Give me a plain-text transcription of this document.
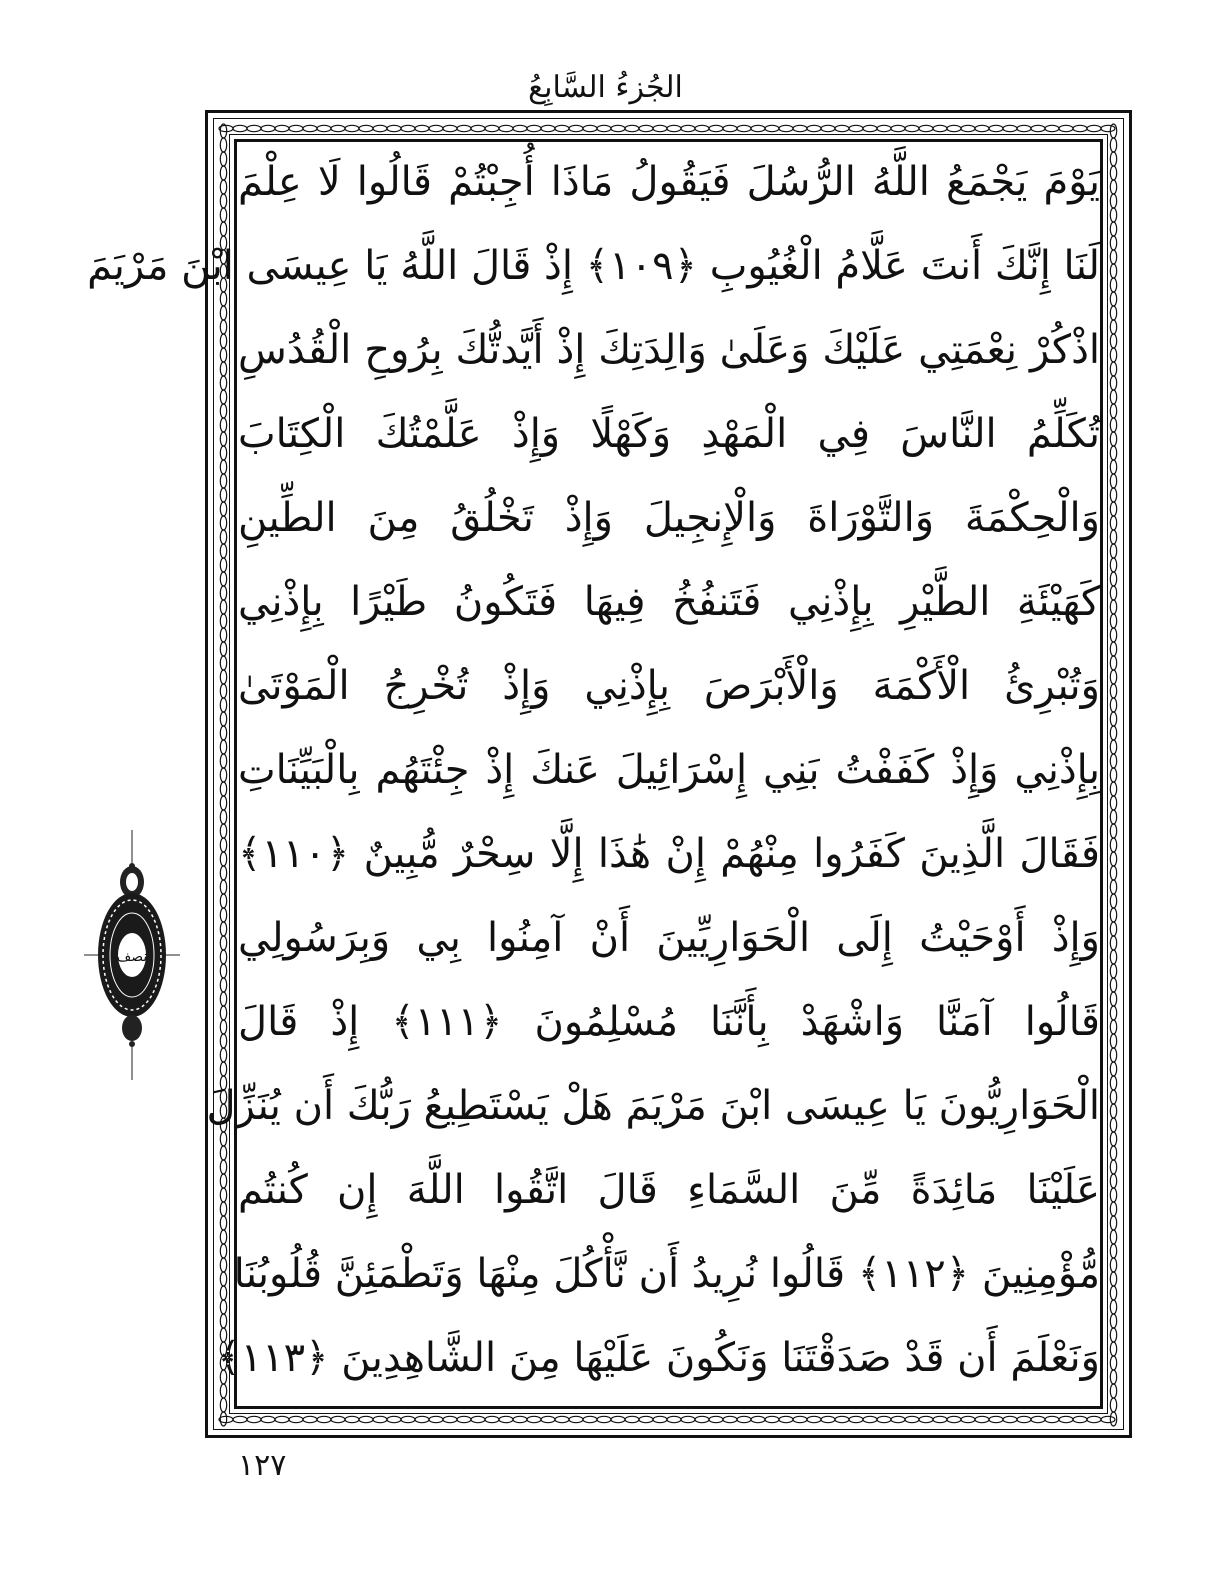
الجُزءُ السَّابِعُ
يَوْمَ يَجْمَعُ اللَّهُ الرُّسُلَ فَيَقُولُ مَاذَا أُجِبْتُمْ قَالُوا لَا عِلْمَ
لَنَا إِنَّكَ أَنتَ عَلَّامُ الْغُيُوبِ ﴿١٠٩﴾ إِذْ قَالَ اللَّهُ يَا عِيسَى ابْنَ مَرْيَمَ
اذْكُرْ نِعْمَتِي عَلَيْكَ وَعَلَىٰ وَالِدَتِكَ إِذْ أَيَّدتُّكَ بِرُوحِ الْقُدُسِ
تُكَلِّمُ النَّاسَ فِي الْمَهْدِ وَكَهْلًا وَإِذْ عَلَّمْتُكَ الْكِتَابَ
وَالْحِكْمَةَ وَالتَّوْرَاةَ وَالْإِنجِيلَ وَإِذْ تَخْلُقُ مِنَ الطِّينِ
كَهَيْئَةِ الطَّيْرِ بِإِذْنِي فَتَنفُخُ فِيهَا فَتَكُونُ طَيْرًا بِإِذْنِي
وَتُبْرِئُ الْأَكْمَهَ وَالْأَبْرَصَ بِإِذْنِي وَإِذْ تُخْرِجُ الْمَوْتَىٰ
بِإِذْنِي وَإِذْ كَفَفْتُ بَنِي إِسْرَائِيلَ عَنكَ إِذْ جِئْتَهُم بِالْبَيِّنَاتِ
فَقَالَ الَّذِينَ كَفَرُوا مِنْهُمْ إِنْ هَٰذَا إِلَّا سِحْرٌ مُّبِينٌ ﴿١١٠﴾
وَإِذْ أَوْحَيْتُ إِلَى الْحَوَارِيِّينَ أَنْ آمِنُوا بِي وَبِرَسُولِي
قَالُوا آمَنَّا وَاشْهَدْ بِأَنَّنَا مُسْلِمُونَ ﴿١١١﴾ إِذْ قَالَ
الْحَوَارِيُّونَ يَا عِيسَى ابْنَ مَرْيَمَ هَلْ يَسْتَطِيعُ رَبُّكَ أَن يُنَزِّلَ
عَلَيْنَا مَائِدَةً مِّنَ السَّمَاءِ قَالَ اتَّقُوا اللَّهَ إِن كُنتُم
مُّؤْمِنِينَ ﴿١١٢﴾ قَالُوا نُرِيدُ أَن نَّأْكُلَ مِنْهَا وَتَطْمَئِنَّ قُلُوبُنَا
وَنَعْلَمَ أَن قَدْ صَدَقْتَنَا وَنَكُونَ عَلَيْهَا مِنَ الشَّاهِدِينَ ﴿١١٣﴾
نصف
١٢٧
